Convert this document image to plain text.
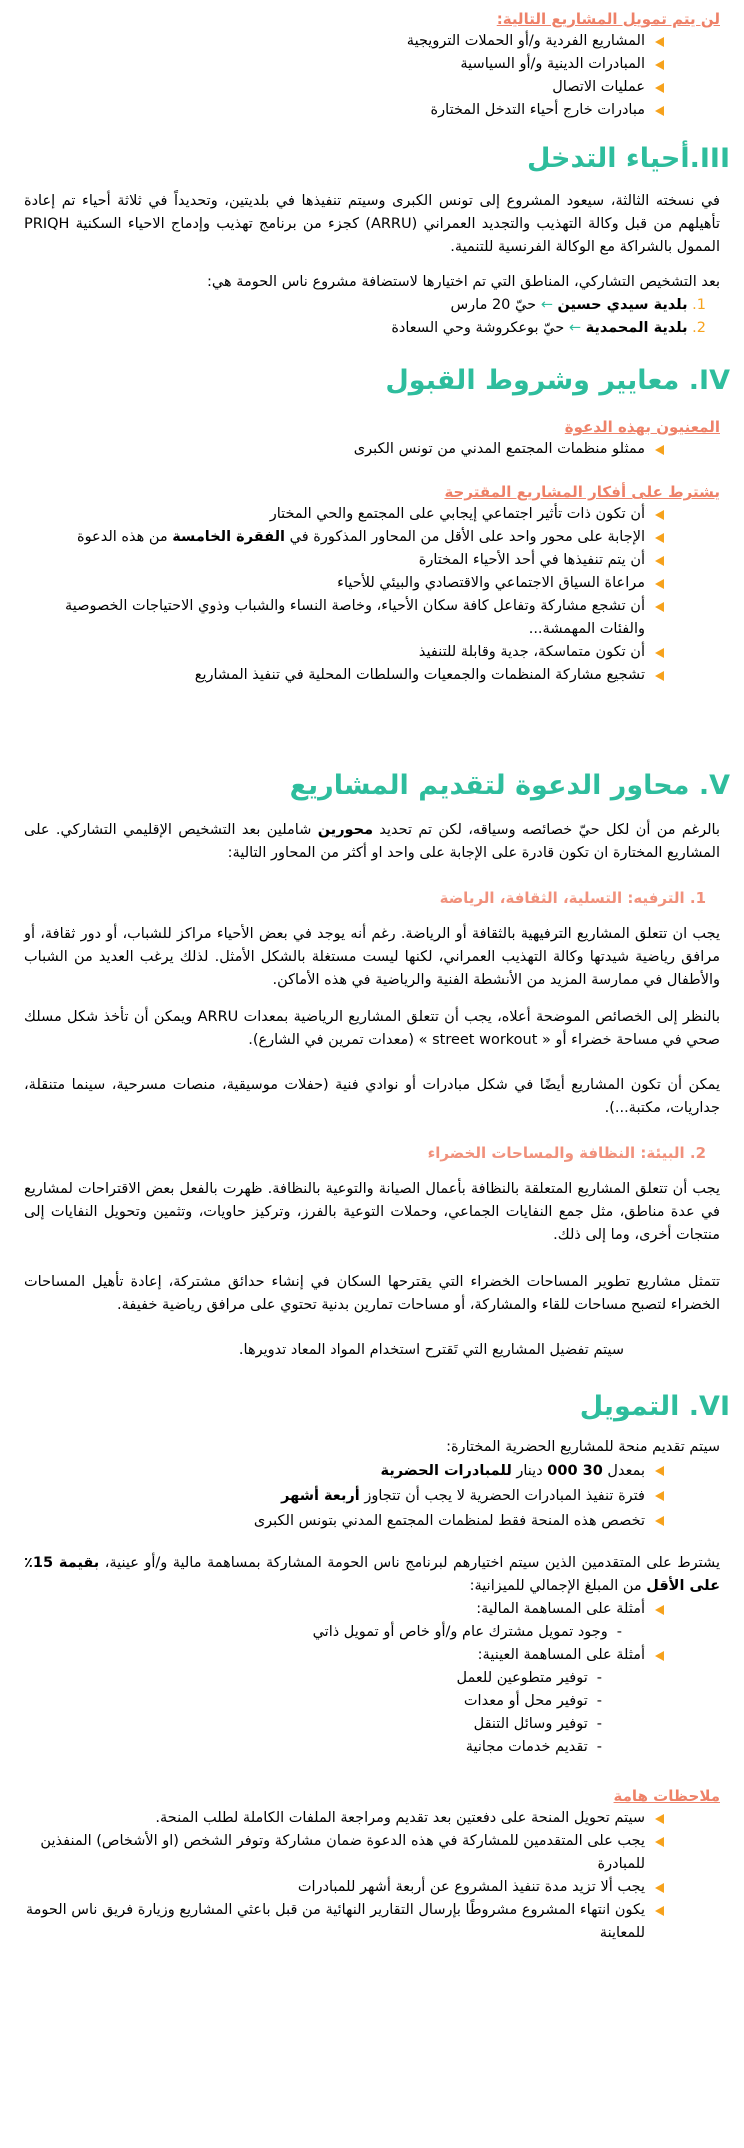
لن يتم تمويل المشاريع التالية:
المشاريع الفردية و/أو الحملات الترويجية
المبادرات الدينية و/أو السياسية
عمليات الاتصال
مبادرات خارج أحياء التدخل المختارة
III.أحياء التدخل

في نسخته الثالثة، سيعود المشروع إلى تونس الكبرى وسيتم تنفيذها في بلديتين، وتحديداً في ثلاثة أحياء تم إعادة تأهيلهم من قبل وكالة التهذيب والتجديد العمراني (ARRU) كجزء من برنامج تهذيب وإدماج الاحياء السكنية PRIQH الممول بالشراكة مع الوكالة الفرنسية للتنمية.

بعد التشخيص التشاركي، المناطق التي تم اختيارها لاستضافة مشروع ناس الحومة هي:

1. بلدية سيدي حسين ← حيّ 20 مارس
2. بلدية المحمدية ← حيّ بوعكروشة وحي السعادة
IV. معايير وشروط القبول
المعنيون بهذه الدعوة
ممثلو منظمات المجتمع المدني من تونس الكبرى
يشترط على أفكار المشاريع المقترحة
أن تكون ذات تأثير اجتماعي إيجابي على المجتمع والحي المختار
الإجابة على محور واحد على الأقل من المحاور المذكورة في الفقرة الخامسة من هذه الدعوة
أن يتم تنفيذها في أحد الأحياء المختارة
مراعاة السياق الاجتماعي والاقتصادي والبيئي للأحياء
أن تشجع مشاركة وتفاعل كافة سكان الأحياء، وخاصة النساء والشباب وذوي الاحتياجات الخصوصية والفئات المهمشة...
أن تكون متماسكة، جدية وقابلة للتنفيذ
تشجيع مشاركة المنظمات والجمعيات والسلطات المحلية في تنفيذ المشاريع
V. محاور الدعوة لتقديم المشاريع

بالرغم من أن لكل حيّ خصائصه وسياقه، لكن تم تحديد محورين شاملين بعد التشخيص الإقليمي التشاركي. على المشاريع المختارة ان تكون قادرة على الإجابة على واحد او أكثر من المحاور التالية:

1. الترفيه: التسلية، الثقافة، الرياضة

يجب ان تتعلق المشاريع الترفيهية بالثقافة أو الرياضة. رغم أنه يوجد في بعض الأحياء مراكز للشباب، أو دور ثقافة، أو مرافق رياضية شيدتها وكالة التهذيب العمراني، لكنها ليست مستغلة بالشكل الأمثل. لذلك يرغب العديد من الشباب والأطفال في ممارسة المزيد من الأنشطة الفنية والرياضية في هذه الأماكن.

بالنظر إلى الخصائص الموضحة أعلاه، يجب أن تتعلق المشاريع الرياضية بمعدات ARRU ويمكن أن تأخذ شكل مسلك صحي في مساحة خضراء أو « street workout » (معدات تمرين في الشارع).

يمكن أن تكون المشاريع أيضًا في شكل مبادرات أو نوادي فنية (حفلات موسيقية، منصات مسرحية، سينما متنقلة، جداريات، مكتبة...).

2. البيئة: النظافة والمساحات الخضراء

يجب أن تتعلق المشاريع المتعلقة بالنظافة بأعمال الصيانة والتوعية بالنظافة. ظهرت بالفعل بعض الاقتراحات لمشاريع في عدة مناطق، مثل جمع النفايات الجماعي، وحملات التوعية بالفرز، وتركيز حاويات، وتثمين وتحويل النفايات إلى منتجات أخرى، وما إلى ذلك.

تتمثل مشاريع تطوير المساحات الخضراء التي يقترحها السكان في إنشاء حدائق مشتركة، إعادة تأهيل المساحات الخضراء لتصبح مساحات للقاء والمشاركة، أو مساحات تمارين بدنية تحتوي على مرافق رياضية خفيفة.

سيتم تفضيل المشاريع التي تَقترح استخدام المواد المعاد تدويرها.

VI. التمويل

سيتم تقديم منحة للمشاريع الحضرية المختارة:

بمعدل 30 000 دينار للمبادرات الحضرية
فترة تنفيذ المبادرات الحضرية لا يجب أن تتجاوز أربعة أشهر
تخصص هذه المنحة فقط لمنظمات المجتمع المدني بتونس الكبرى

يشترط على المتقدمين الذين سيتم اختيارهم لبرنامج ناس الحومة المشاركة بمساهمة مالية و/أو عينية، بقيمة 15٪ على الأقل من المبلغ الإجمالي للميزانية:

أمثلة على المساهمة المالية:
-
وجود تمويل مشترك عام و/أو خاص أو تمويل ذاتي
أمثلة على المساهمة العينية:
-
توفير متطوعين للعمل
-
توفير محل أو معدات
-
توفير وسائل التنقل
-
تقديم خدمات مجانية
ملاحظات هامة
سيتم تحويل المنحة على دفعتين بعد تقديم ومراجعة الملفات الكاملة لطلب المنحة.
يجب على المتقدمين للمشاركة في هذه الدعوة ضمان مشاركة وتوفر الشخص (او الأشخاص) المنفذين للمبادرة
يجب ألا تزيد مدة تنفيذ المشروع عن أربعة أشهر للمبادرات
يكون انتهاء المشروع مشروطًا بإرسال التقارير النهائية من قبل باعثي المشاريع وزيارة فريق ناس الحومة للمعاينة
